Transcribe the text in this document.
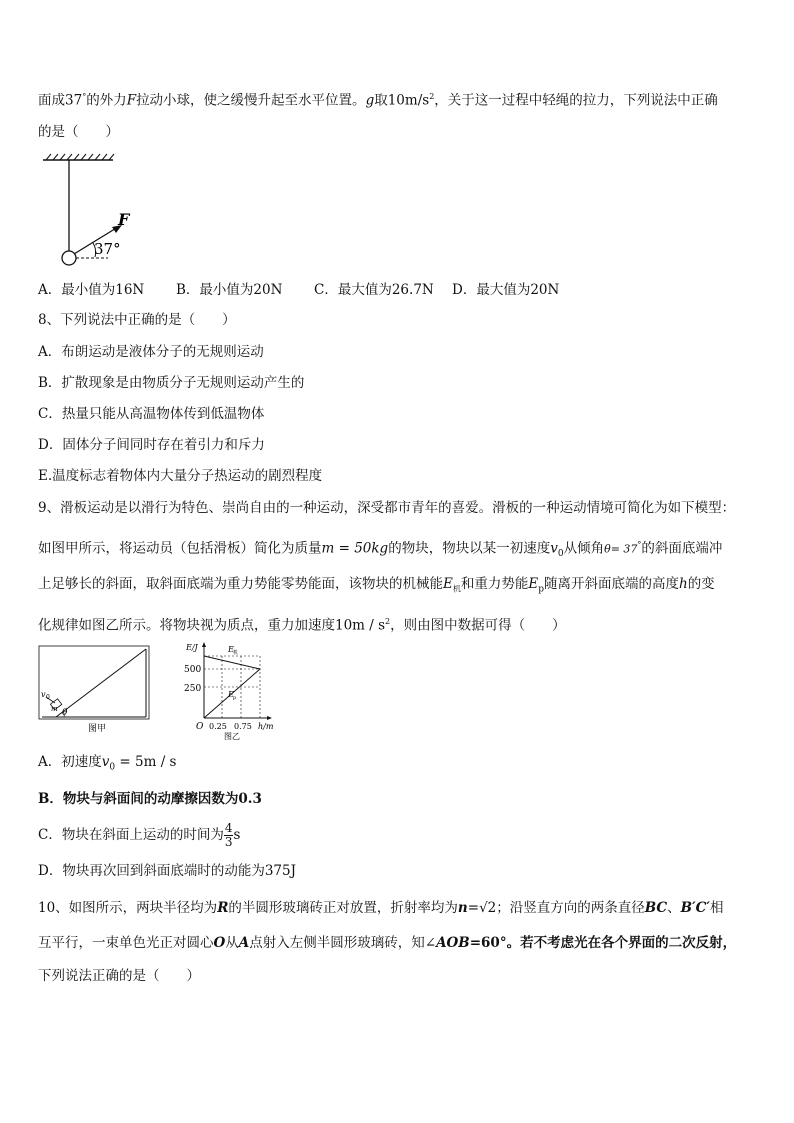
面成37°的外力F拉动小球，使之缓慢升起至水平位置。g取$10m/s^2$，关于这一过程中轻绳的拉力，下列说法中正确
的是（　　）
F
37°
A．最小值为16N B．最小值为20N C．最大值为26.7N D．最大值为20N
8、下列说法中正确的是（　　）
A．布朗运动是液体分子的无规则运动
B．扩散现象是由物质分子无规则运动产生的
C．热量只能从高温物体传到低温物体
D．固体分子间同时存在着引力和斥力
E.温度标志着物体内大量分子热运动的剧烈程度
9、滑板运动是以滑行为特色、崇尚自由的一种运动，深受都市青年的喜爱。滑板的一种运动情境可简化为如下模型：
如图甲所示，将运动员（包括滑板）简化为质量m = 50kg的物块，物块以某一初速度$v_0$从倾角θ= 37°的斜面底端冲
上足够长的斜面，取斜面底端为重力势能零势能面，该物块的机械能$E_机$和重力势能$E_p$随离开斜面底端的高度h的变
化规律如图乙所示。将物块视为质点，重力加速度$10m / s^2$，则由图中数据可得（　　）
v 0
m θ
图甲
E/J	E 机
E p
500
250
O 0.25 0.75 h/m
图乙
A．初速度$v_0 = 5m / s$
B．物块与斜面间的动摩擦因数为0.3
C．物块在斜面上运动的时间为 $\frac{4}{3}$ s
D．物块再次回到斜面底端时的动能为375J
10、如图所示，两块半径均为R的半圆形玻璃砖正对放置，折射率均为n=√2；沿竖直方向的两条直径BC、B′C′相
互平行，一束单色光正对圆心O从A点射入左侧半圆形玻璃砖，知∠AOB=60°。若不考虑光在各个界面的二次反射，
下列说法正确的是（　　）
